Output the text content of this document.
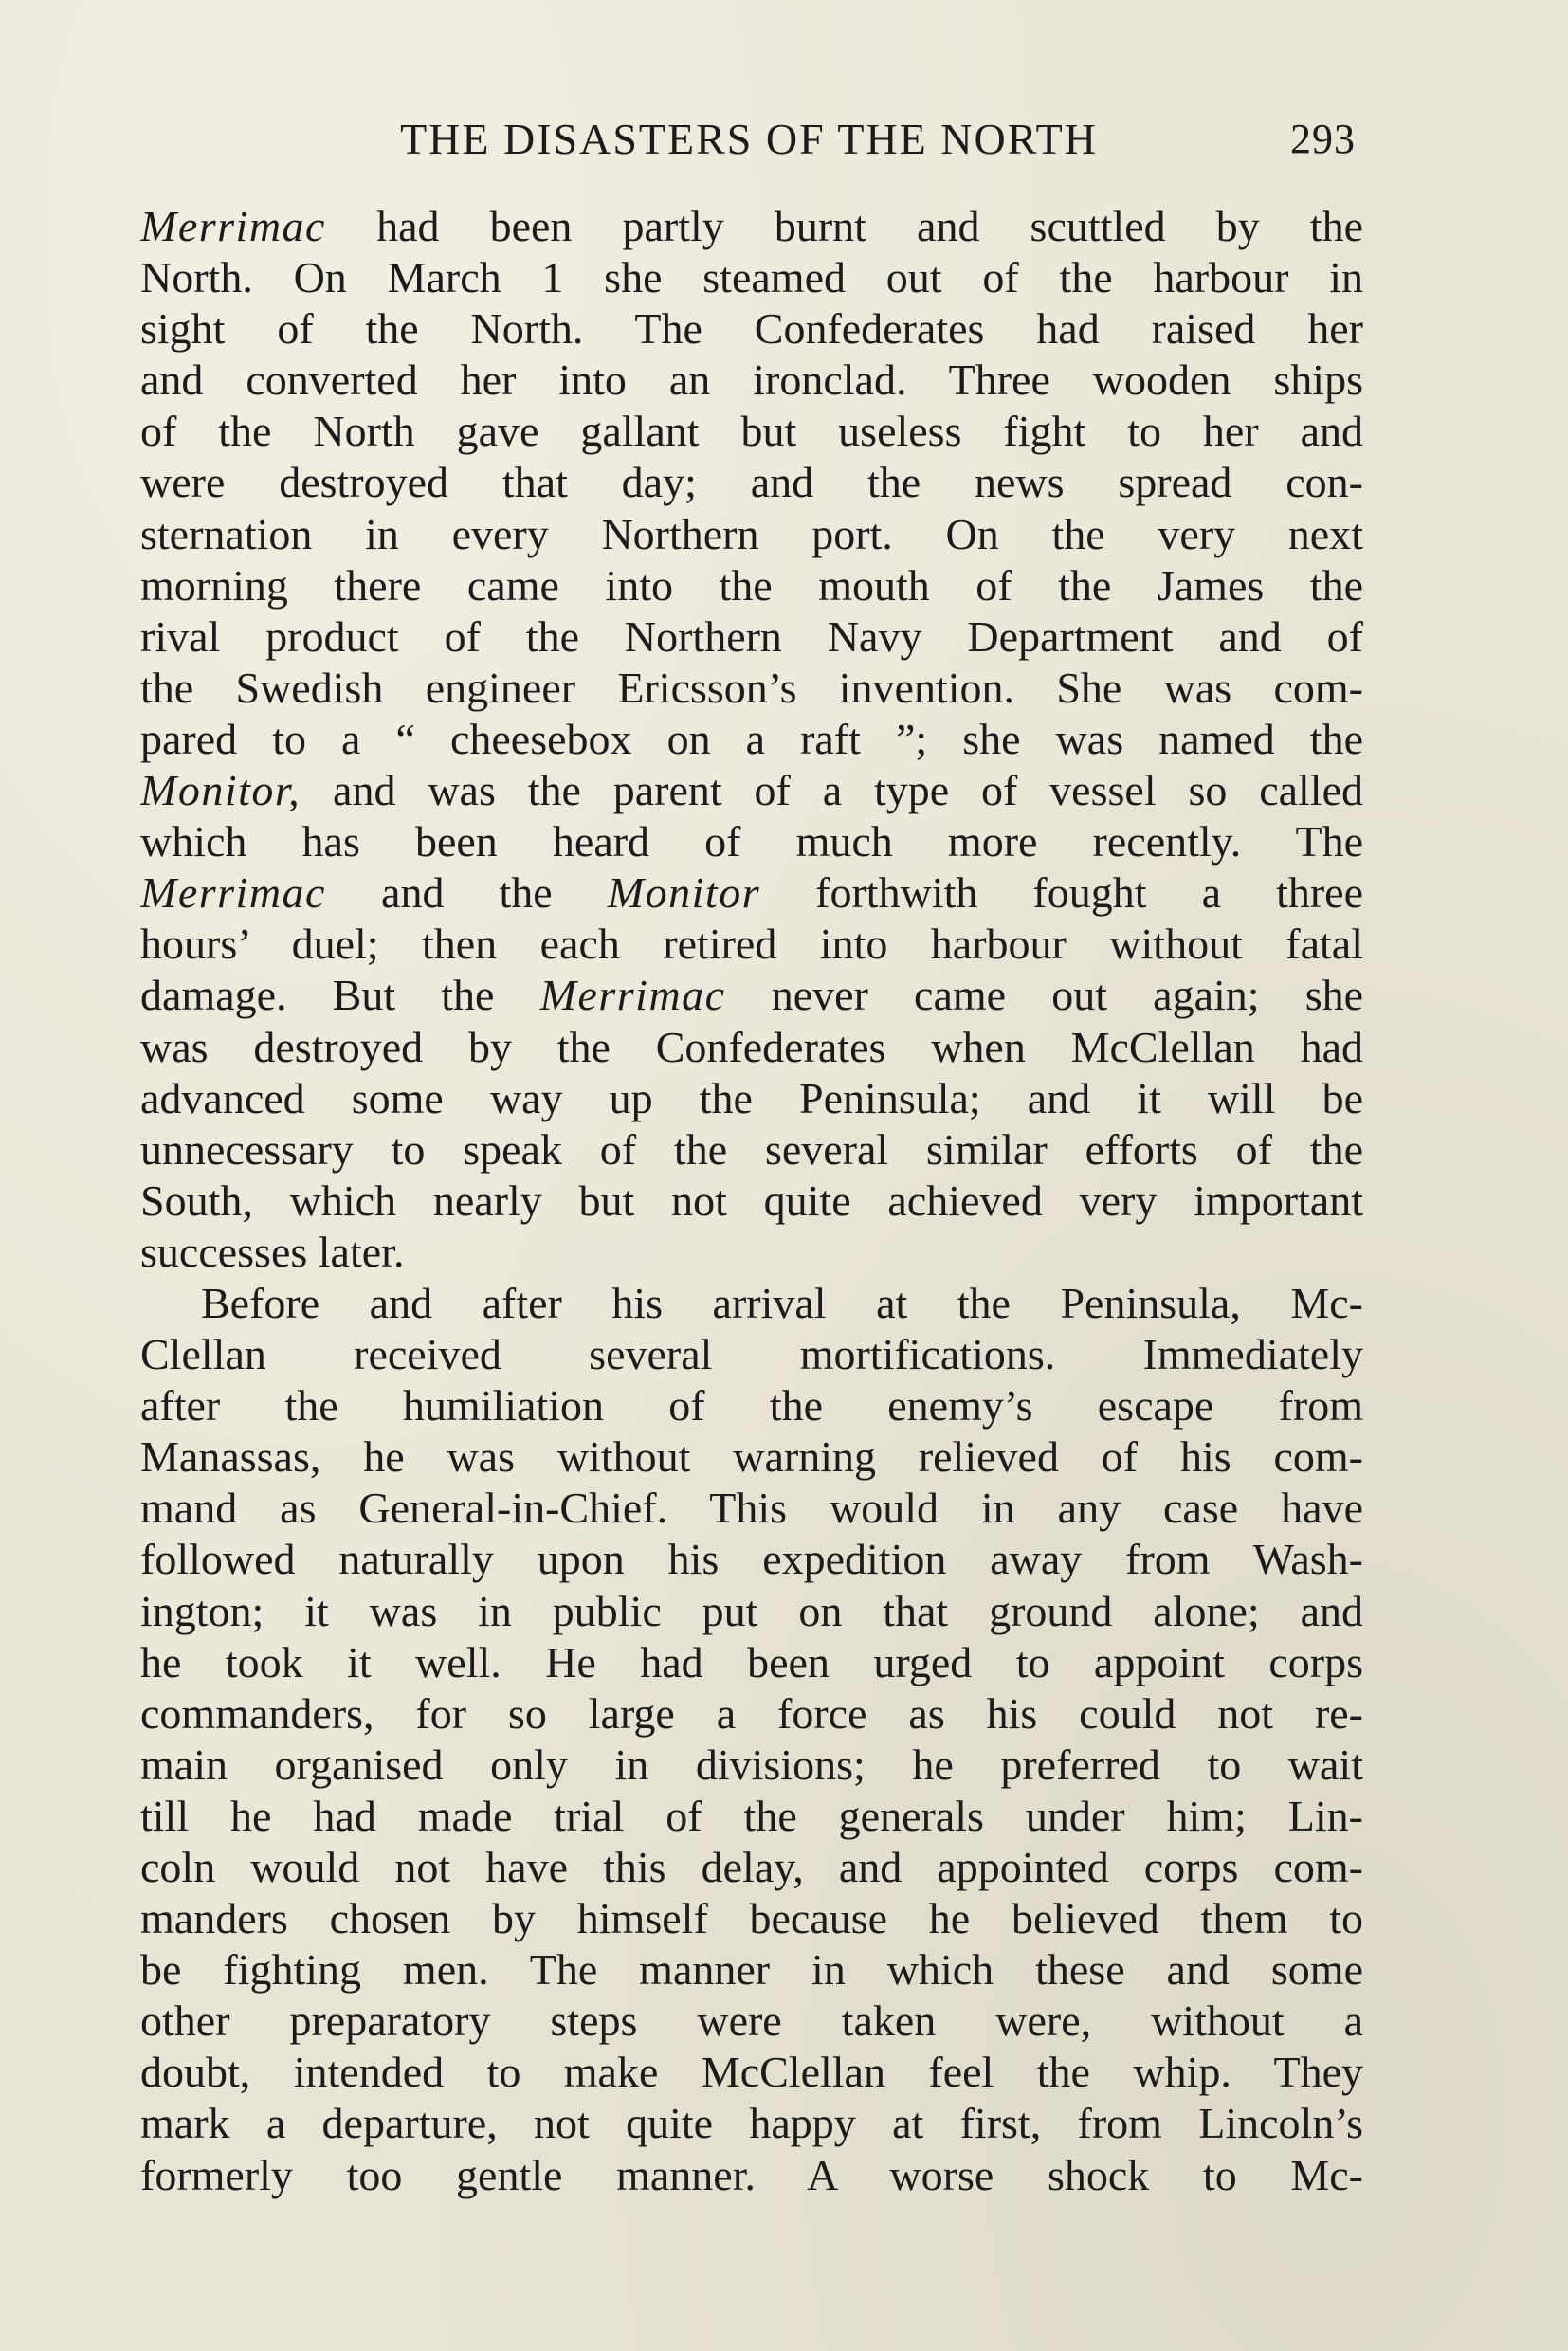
THE DISASTERS OF THE NORTH	293
Merrimac had been partly burnt and scuttled by the
North. On March 1 she steamed out of the harbour in
sight of the North. The Confederates had raised her
and converted her into an ironclad. Three wooden ships
of the North gave gallant but useless fight to her and
were destroyed that day; and the news spread con-
sternation in every Northern port. On the very next
morning there came into the mouth of the James the
rival product of the Northern Navy Department and of
the Swedish engineer Ericsson’s invention. She was com-
pared to a “ cheesebox on a raft ”; she was named the
Monitor, and was the parent of a type of vessel so called
which has been heard of much more recently. The
Merrimac and the Monitor forthwith fought a three
hours’ duel; then each retired into harbour without fatal
damage. But the Merrimac never came out again; she
was destroyed by the Confederates when McClellan had
advanced some way up the Peninsula; and it will be
unnecessary to speak of the several similar efforts of the
South, which nearly but not quite achieved very important
successes later.
Before and after his arrival at the Peninsula, Mc-
Clellan received several mortifications. Immediately
after the humiliation of the enemy’s escape from
Manassas, he was without warning relieved of his com-
mand as General-in-Chief. This would in any case have
followed naturally upon his expedition away from Wash-
ington; it was in public put on that ground alone; and
he took it well. He had been urged to appoint corps
commanders, for so large a force as his could not re-
main organised only in divisions; he preferred to wait
till he had made trial of the generals under him; Lin-
coln would not have this delay, and appointed corps com-
manders chosen by himself because he believed them to
be fighting men. The manner in which these and some
other preparatory steps were taken were, without a
doubt, intended to make McClellan feel the whip. They
mark a departure, not quite happy at first, from Lincoln’s
formerly too gentle manner. A worse shock to Mc-
